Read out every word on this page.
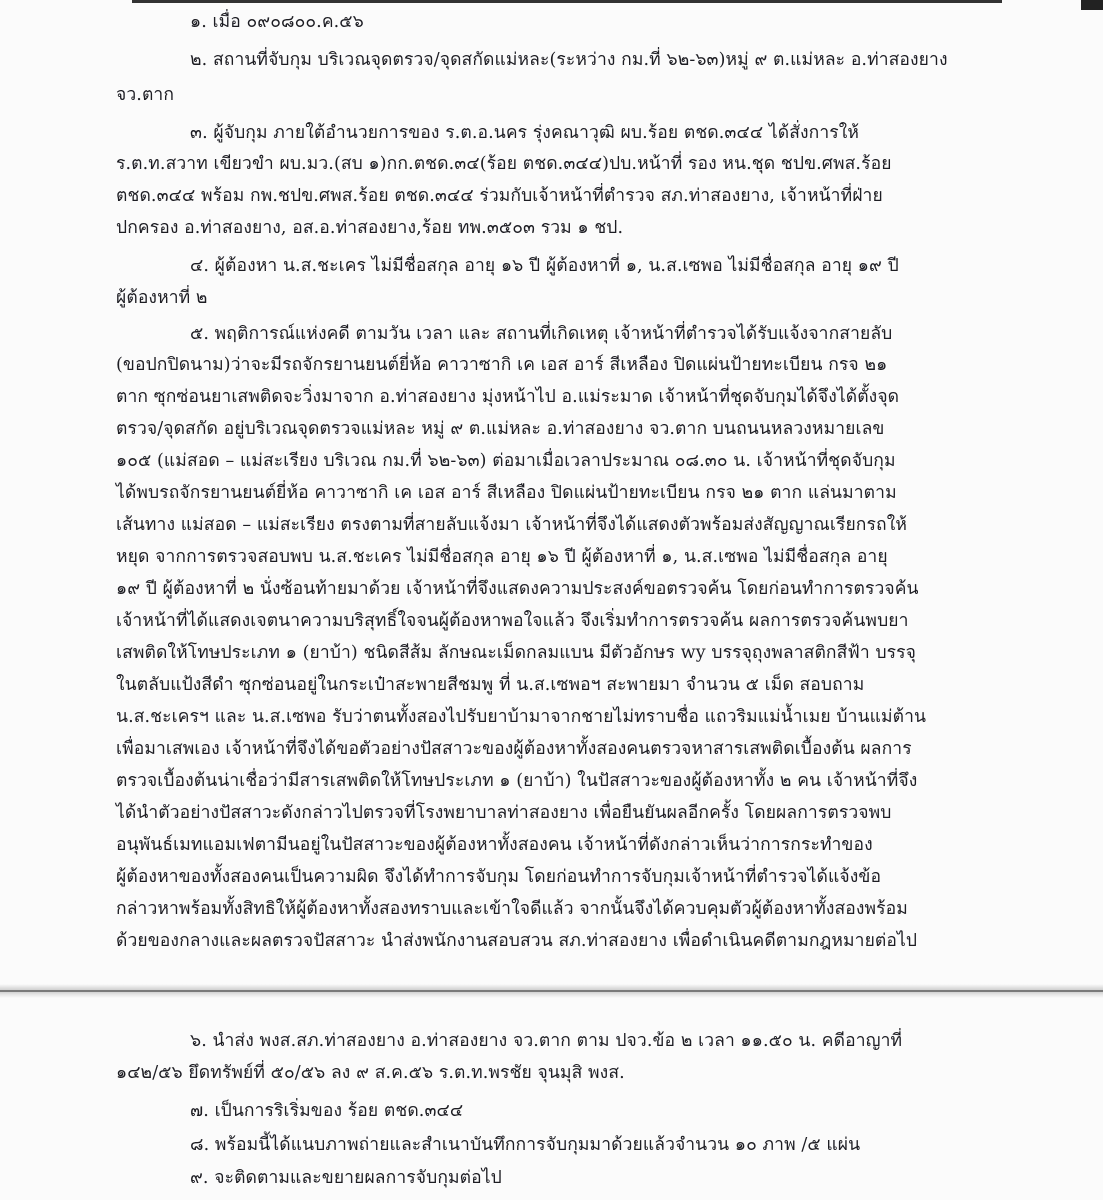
๑. เมื่อ ๐๙๐๘๐๐.ค.๕๖
๒. สถานที่จับกุม บริเวณจุดตรวจ/จุดสกัดแม่หละ(ระหว่าง กม.ที่ ๖๒-๖๓)หมู่ ๙ ต.แม่หละ อ.ท่าสองยาง
จว.ตาก
๓. ผู้จับกุม ภายใต้อำนวยการของ ร.ต.อ.นคร รุ่งคณาวุฒิ ผบ.ร้อย ตชด.๓๔๔ ได้สั่งการให้
ร.ต.ท.สวาท เขียวขำ ผบ.มว.(สบ ๑)กก.ตชด.๓๔(ร้อย ตชด.๓๔๔)ปบ.หน้าที่ รอง หน.ชุด ชปข.ศพส.ร้อย
ตชด.๓๔๔ พร้อม กพ.ชปข.ศพส.ร้อย ตชด.๓๔๔ ร่วมกับเจ้าหน้าที่ตำรวจ สภ.ท่าสองยาง, เจ้าหน้าที่ฝ่าย
ปกครอง อ.ท่าสองยาง, อส.อ.ท่าสองยาง,ร้อย ทพ.๓๕๐๓ รวม ๑ ชป.
๔. ผู้ต้องหา น.ส.ชะเคร ไม่มีชื่อสกุล อายุ ๑๖ ปี ผู้ต้องหาที่ ๑, น.ส.เซพอ ไม่มีชื่อสกุล อายุ ๑๙ ปี
ผู้ต้องหาที่ ๒
๕. พฤติการณ์แห่งคดี ตามวัน เวลา และ สถานที่เกิดเหตุ เจ้าหน้าที่ตำรวจได้รับแจ้งจากสายลับ
(ขอปกปิดนาม)ว่าจะมีรถจักรยานยนต์ยี่ห้อ คาวาซากิ เค เอส อาร์ สีเหลือง ปิดแผ่นป้ายทะเบียน กรจ ๒๑
ตาก ซุกซ่อนยาเสพติดจะวิ่งมาจาก อ.ท่าสองยาง มุ่งหน้าไป อ.แม่ระมาด เจ้าหน้าที่ชุดจับกุมได้จึงได้ตั้งจุด
ตรวจ/จุดสกัด อยู่บริเวณจุดตรวจแม่หละ หมู่ ๙ ต.แม่หละ อ.ท่าสองยาง จว.ตาก บนถนนหลวงหมายเลข
๑๐๕ (แม่สอด – แม่สะเรียง บริเวณ กม.ที่ ๖๒-๖๓) ต่อมาเมื่อเวลาประมาณ ๐๘.๓๐ น. เจ้าหน้าที่ชุดจับกุม
ได้พบรถจักรยานยนต์ยี่ห้อ คาวาซากิ เค เอส อาร์ สีเหลือง ปิดแผ่นป้ายทะเบียน กรจ ๒๑ ตาก แล่นมาตาม
เส้นทาง แม่สอด – แม่สะเรียง ตรงตามที่สายลับแจ้งมา เจ้าหน้าที่จึงได้แสดงตัวพร้อมส่งสัญญาณเรียกรถให้
หยุด จากการตรวจสอบพบ น.ส.ชะเคร ไม่มีชื่อสกุล อายุ ๑๖ ปี ผู้ต้องหาที่ ๑, น.ส.เซพอ ไม่มีชื่อสกุล อายุ
๑๙ ปี ผู้ต้องหาที่ ๒ นั่งซ้อนท้ายมาด้วย เจ้าหน้าที่จึงแสดงความประสงค์ขอตรวจค้น โดยก่อนทำการตรวจค้น
เจ้าหน้าที่ได้แสดงเจตนาความบริสุทธิ์ใจจนผู้ต้องหาพอใจแล้ว จึงเริ่มทำการตรวจค้น ผลการตรวจค้นพบยา
เสพติดให้โทษประเภท ๑ (ยาบ้า) ชนิดสีส้ม ลักษณะเม็ดกลมแบน มีตัวอักษร wy บรรจุถุงพลาสติกสีฟ้า บรรจุ
ในตลับแป้งสีดำ ซุกซ่อนอยู่ในกระเป๋าสะพายสีชมพู ที่ น.ส.เซพอฯ สะพายมา จำนวน ๕ เม็ด สอบถาม
น.ส.ชะเครฯ และ น.ส.เซพอ รับว่าตนทั้งสองไปรับยาบ้ามาจากชายไม่ทราบชื่อ แถวริมแม่น้ำเมย บ้านแม่ต้าน
เพื่อมาเสพเอง เจ้าหน้าที่จึงได้ขอตัวอย่างปัสสาวะของผู้ต้องหาทั้งสองคนตรวจหาสารเสพติดเบื้องต้น ผลการ
ตรวจเบื้องต้นน่าเชื่อว่ามีสารเสพติดให้โทษประเภท ๑ (ยาบ้า) ในปัสสาวะของผู้ต้องหาทั้ง ๒ คน เจ้าหน้าที่จึง
ได้นำตัวอย่างปัสสาวะดังกล่าวไปตรวจที่โรงพยาบาลท่าสองยาง เพื่อยืนยันผลอีกครั้ง โดยผลการตรวจพบ
อนุพันธ์เมทแอมเฟตามีนอยู่ในปัสสาวะของผู้ต้องหาทั้งสองคน เจ้าหน้าที่ดังกล่าวเห็นว่าการกระทำของ
ผู้ต้องหาของทั้งสองคนเป็นความผิด จึงได้ทำการจับกุม โดยก่อนทำการจับกุมเจ้าหน้าที่ตำรวจได้แจ้งข้อ
กล่าวหาพร้อมทั้งสิทธิให้ผู้ต้องหาทั้งสองทราบและเข้าใจดีแล้ว จากนั้นจึงได้ควบคุมตัวผู้ต้องหาทั้งสองพร้อม
ด้วยของกลางและผลตรวจปัสสาวะ นำส่งพนักงานสอบสวน สภ.ท่าสองยาง เพื่อดำเนินคดีตามกฎหมายต่อไป
๖. นำส่ง พงส.สภ.ท่าสองยาง อ.ท่าสองยาง จว.ตาก ตาม ปจว.ข้อ ๒ เวลา ๑๑.๕๐ น. คดีอาญาที่
๑๔๒/๕๖ ยึดทรัพย์ที่ ๕๐/๕๖ ลง ๙ ส.ค.๕๖ ร.ต.ท.พรชัย จุนมุสิ พงส.
๗. เป็นการริเริ่มของ ร้อย ตชด.๓๔๔
๘. พร้อมนี้ได้แนบภาพถ่ายและสำเนาบันทึกการจับกุมมาด้วยแล้วจำนวน ๑๐ ภาพ /๕ แผ่น
๙. จะติดตามและขยายผลการจับกุมต่อไป
